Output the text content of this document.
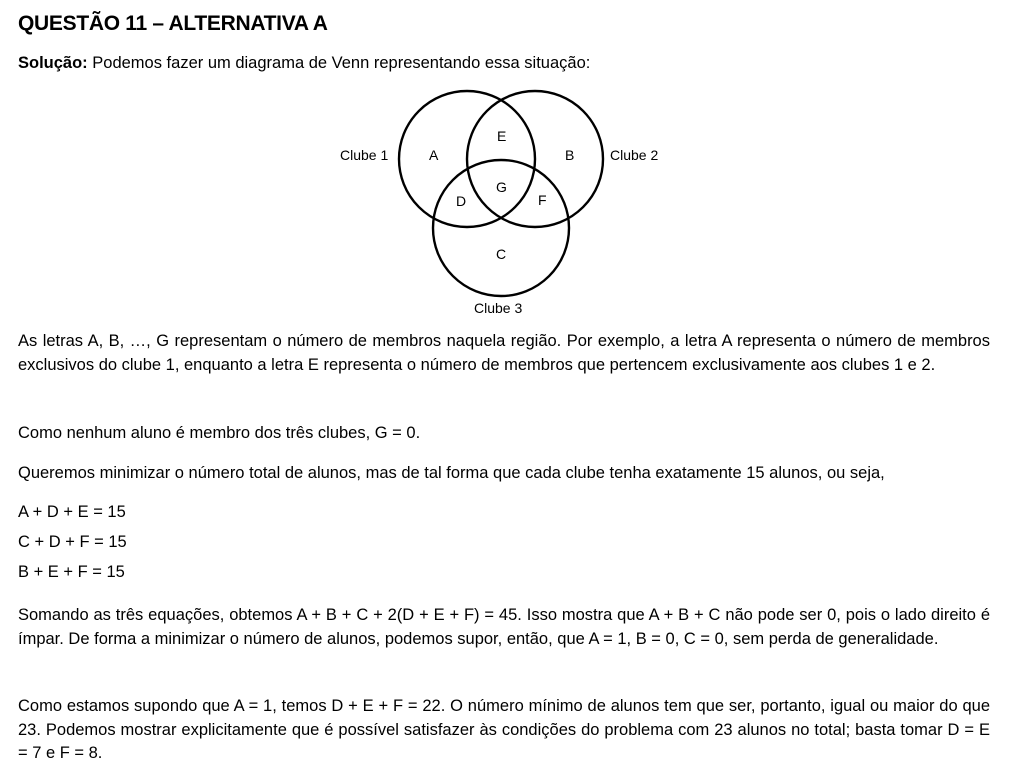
QUESTÃO 11 – ALTERNATIVA A
Solução: Podemos fazer um diagrama de Venn representando essa situação:
Clube 1	Clube 2
Clube 3
A	B
E
G
D	F
C
As letras A, B, …, G representam o número de membros naquela região. Por exemplo, a letra A representa o número de membros exclusivos do clube 1, enquanto a letra E representa o número de membros que pertencem exclusivamente aos clubes 1 e 2.
Como nenhum aluno é membro dos três clubes, G = 0.
Queremos minimizar o número total de alunos, mas de tal forma que cada clube tenha exatamente 15 alunos, ou seja,
A + D + E = 15
C + D + F = 15
B + E + F = 15
Somando as três equações, obtemos A + B + C + 2(D + E + F) = 45. Isso mostra que A + B + C não pode ser 0, pois o lado direito é ímpar. De forma a minimizar o número de alunos, podemos supor, então, que A = 1, B = 0, C = 0, sem perda de generalidade.
Como estamos supondo que A = 1, temos D + E + F = 22. O número mínimo de alunos tem que ser, portanto, igual ou maior do que 23. Podemos mostrar explicitamente que é possível satisfazer às condições do problema com 23 alunos no total; basta tomar D = E = 7 e F = 8.
